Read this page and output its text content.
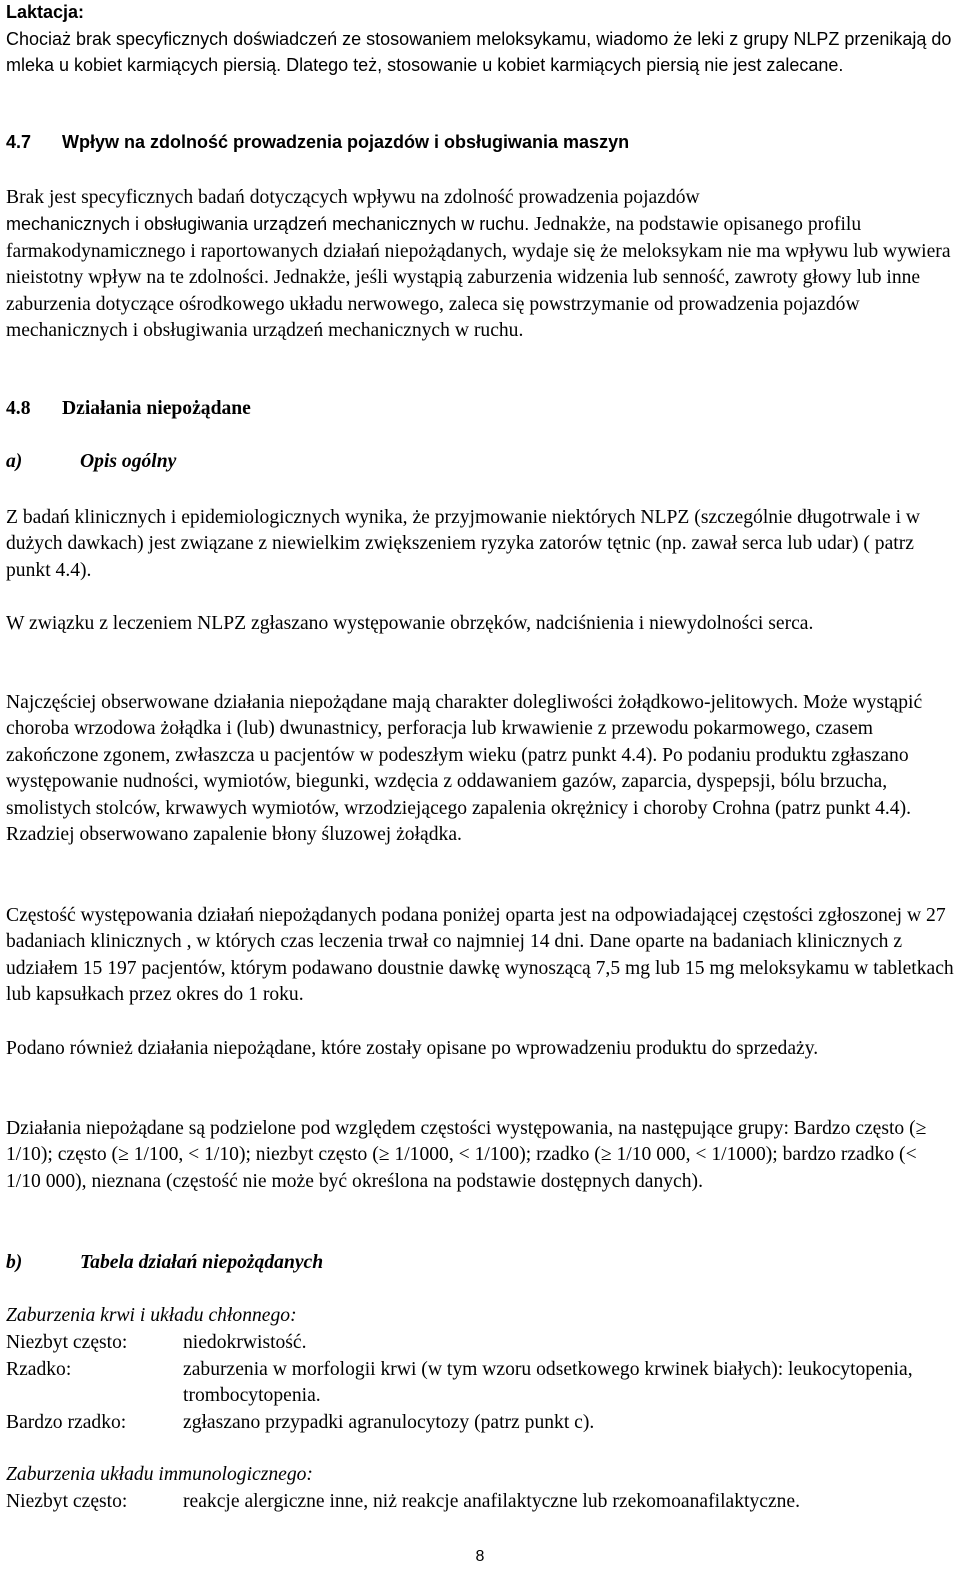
Laktacja:

Chociaż brak specyficznych doświadczeń ze stosowaniem meloksykamu, wiadomo że leki z grupy NLPZ przenikają do mleka u kobiet karmiących piersią. Dlatego też, stosowanie u kobiet karmiących piersią nie jest zalecane.

4.7 Wpływ na zdolność prowadzenia pojazdów i obsługiwania maszyn

Brak jest specyficznych badań dotyczących wpływu na zdolność prowadzenia pojazdów
mechanicznych i obsługiwania urządzeń mechanicznych w ruchu. Jednakże, na podstawie opisanego profilu farmakodynamicznego i raportowanych działań niepożądanych, wydaje się że meloksykam nie ma wpływu lub wywiera nieistotny wpływ na te zdolności. Jednakże, jeśli wystąpią zaburzenia widzenia lub senność, zawroty głowy lub inne zaburzenia dotyczące ośrodkowego układu nerwowego, zaleca się powstrzymanie od prowadzenia pojazdów mechanicznych i obsługiwania urządzeń mechanicznych w ruchu.

4.8 Działania niepożądane
a)	Opis ogólny

Z badań klinicznych i epidemiologicznych wynika, że przyjmowanie niektórych NLPZ (szczególnie długotrwale i w dużych dawkach) jest związane z niewielkim zwiększeniem ryzyka zatorów tętnic (np. zawał serca lub udar) ( patrz punkt 4.4).

W związku z leczeniem NLPZ zgłaszano występowanie obrzęków, nadciśnienia i niewydolności serca.

Najczęściej obserwowane działania niepożądane mają charakter dolegliwości żołądkowo-jelitowych. Może wystąpić choroba wrzodowa żołądka i (lub) dwunastnicy, perforacja lub krwawienie z przewodu pokarmowego, czasem zakończone zgonem, zwłaszcza u pacjentów w podeszłym wieku (patrz punkt 4.4). Po podaniu produktu zgłaszano występowanie nudności, wymiotów, biegunki, wzdęcia z oddawaniem gazów, zaparcia, dyspepsji, bólu brzucha, smolistych stolców, krwawych wymiotów, wrzodziejącego zapalenia okrężnicy i choroby Crohna (patrz punkt 4.4). Rzadziej obserwowano zapalenie błony śluzowej żołądka.

Częstość występowania działań niepożądanych podana poniżej oparta jest na odpowiadającej częstości zgłoszonej w 27 badaniach klinicznych , w których czas leczenia trwał co najmniej 14 dni. Dane oparte na badaniach klinicznych z udziałem 15 197 pacjentów, którym podawano doustnie dawkę wynoszącą 7,5 mg lub 15 mg meloksykamu w tabletkach lub kapsułkach przez okres do 1 roku.

Podano również działania niepożądane, które zostały opisane po wprowadzeniu produktu do sprzedaży.

Działania niepożądane są podzielone pod względem częstości występowania, na następujące grupy: Bardzo często (≥ 1/10); często (≥ 1/100, < 1/10); niezbyt często (≥ 1/1000, < 1/100); rzadko (≥ 1/10 000, < 1/1000); bardzo rzadko (< 1/10 000), nieznana (częstość nie może być określona na podstawie dostępnych danych).

b)	Tabela działań niepożądanych
Zaburzenia krwi i układu chłonnego:
Niezbyt często:	niedokrwistość.
Rzadko:	zaburzenia w morfologii krwi (w tym wzoru odsetkowego krwinek białych): leukocytopenia, trombocytopenia.
Bardzo rzadko:	zgłaszano przypadki agranulocytozy (patrz punkt c).
Zaburzenia układu immunologicznego:
Niezbyt często:	reakcje alergiczne inne, niż reakcje anafilaktyczne lub rzekomoanafilaktyczne.
8
